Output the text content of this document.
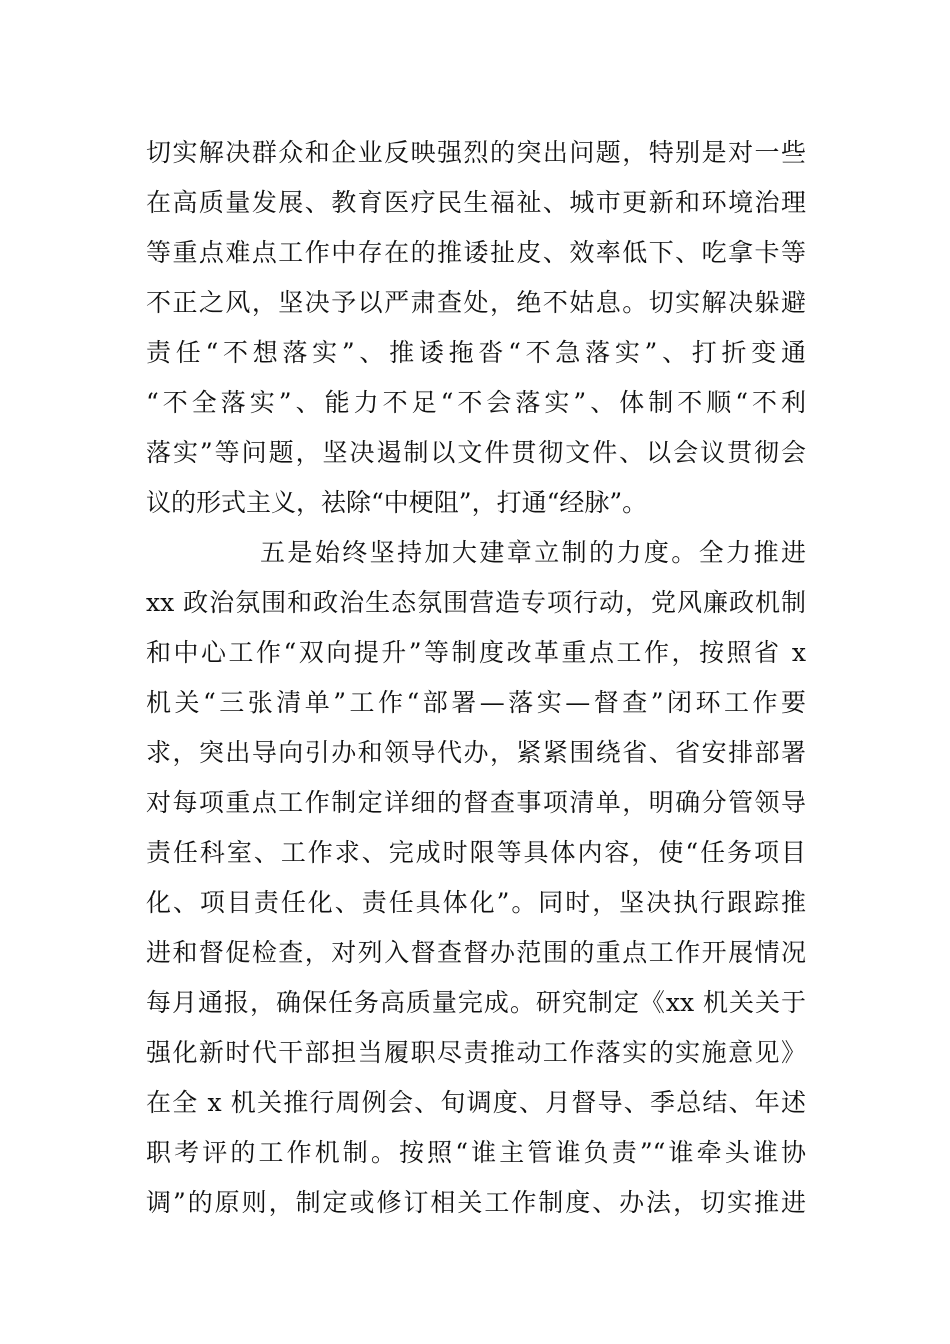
切实解决群众和企业反映强烈的突出问题，特别是对一些
在高质量发展、教育医疗民生福祉、城市更新和环境治理
等重点难点工作中存在的推诿扯皮、效率低下、吃拿卡等
不正之风，坚决予以严肃查处，绝不姑息。切实解决躲避
责任“不想落实”、推诿拖沓“不急落实”、打折变通
“不全落实”、能力不足“不会落实”、体制不顺“不利
落实”等问题，坚决遏制以文件贯彻文件、以会议贯彻会
议的形式主义，祛除“中梗阻”，打通“经脉”。
五是始终坚持加大建章立制的力度。全力推进
xx 政治氛围和政治生态氛围营造专项行动，党风廉政机制
和中心工作“双向提升”等制度改革重点工作，按照省 x
机关“三张清单”工作“部署—落实—督查”闭环工作要
求，突出导向引办和领导代办，紧紧围绕省、省安排部署
对每项重点工作制定详细的督查事项清单，明确分管领导
责任科室、工作求、完成时限等具体内容，使“任务项目
化、项目责任化、责任具体化”。同时，坚决执行跟踪推
进和督促检查，对列入督查督办范围的重点工作开展情况
每月通报，确保任务高质量完成。研究制定《xx 机关关于
强化新时代干部担当履职尽责推动工作落实的实施意见》
在全 x 机关推行周例会、旬调度、月督导、季总结、年述
职考评的工作机制。按照“谁主管谁负责”“谁牵头谁协
调”的原则，制定或修订相关工作制度、办法，切实推进
